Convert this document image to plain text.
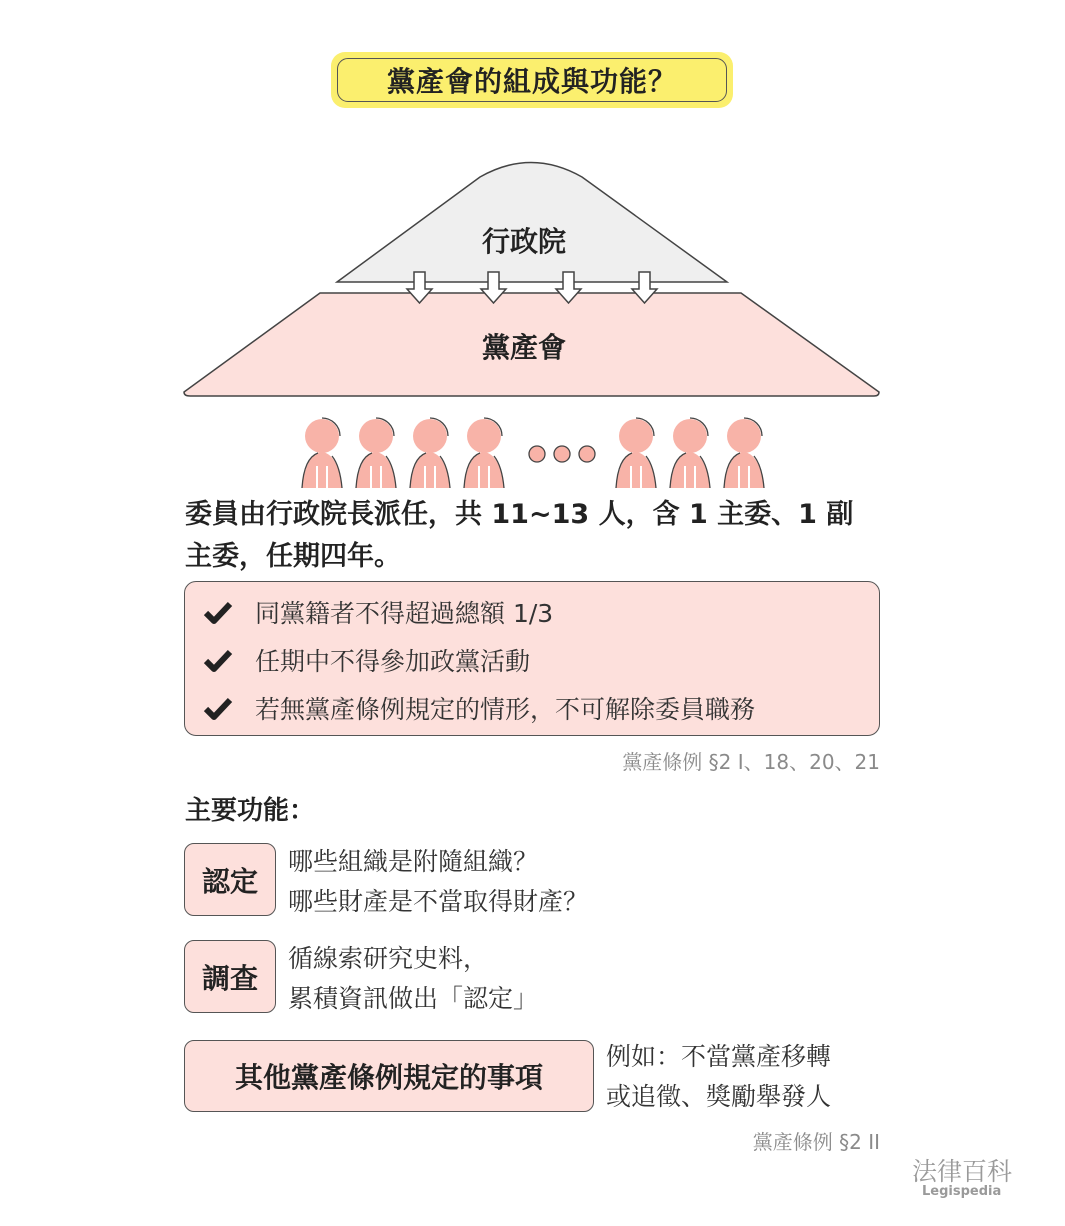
黨產會的組成與功能？
行政院
黨產會
委員由行政院長派任，共 11~13 人，含 1 主委、1 副
主委，任期四年。
同黨籍者不得超過總額 1/3
任期中不得參加政黨活動
若無黨產條例規定的情形，不可解除委員職務
黨產條例 §2 I、18、20、21
主要功能：
認定
哪些組織是附隨組織？
哪些財產是不當取得財產？
調查
循線索研究史料，
累積資訊做出「認定」
其他黨產條例規定的事項
例如：不當黨產移轉
或追徵、獎勵舉發人
黨產條例 §2 II
法律百科
Legispedia
